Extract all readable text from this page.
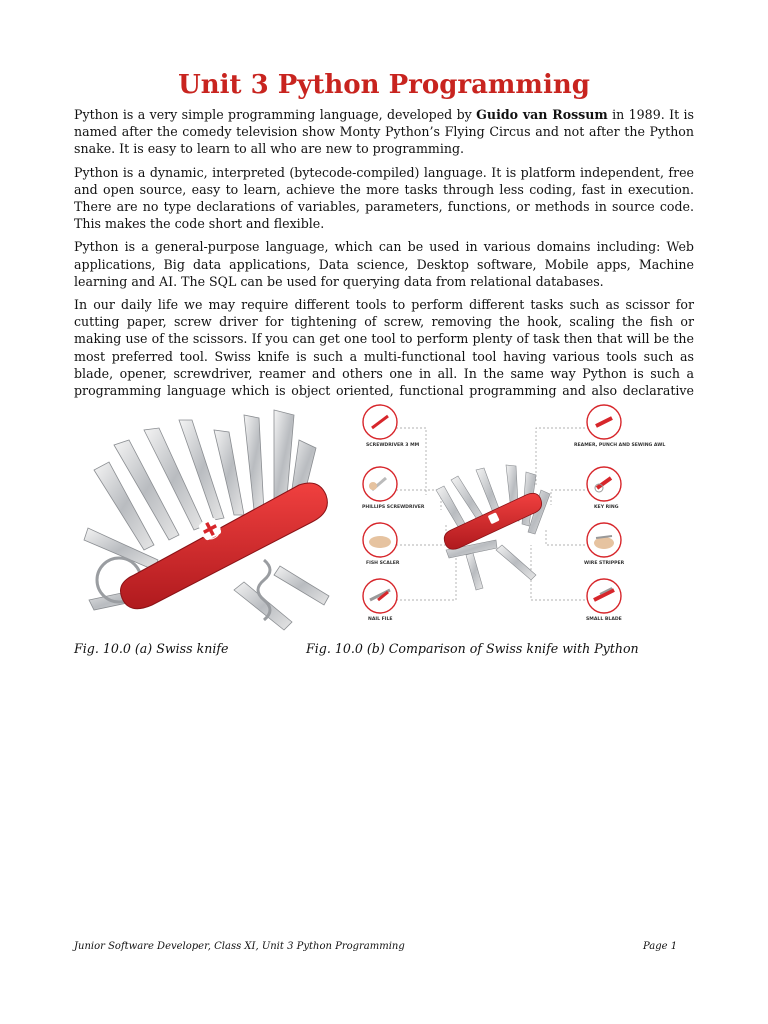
Unit 3 Python Programming

Python is a very simple programming language, developed by Guido van Rossum in 1989. It is named after the comedy television show Monty Python’s Flying Circus and not after the Python snake. It is easy to learn to all who are new to programming.

Python is a dynamic, interpreted (bytecode-compiled) language. It is platform independent, free and open source, easy to learn, achieve the more tasks through less coding, fast in execution. There are no type declarations of variables, parameters, functions, or methods in source code. This makes the code short and flexible.

Python is a general-purpose language, which can be used in various domains including: Web applications, Big data applications, Data science, Desktop software, Mobile apps, Machine learning and AI. The SQL can be used for querying data from relational databases.

In our daily life we may require different tools to perform different tasks such as scissor for cutting paper, screw driver for tightening of screw, removing the hook, scaling the fish or making use of the scissors. If you can get one tool to perform plenty of task then that will be the most preferred tool. Swiss knife is such a multi-functional tool having various tools such as blade, opener, screwdriver, reamer and others one in all. In the same way Python is such a programming language which is object oriented, functional programming and also declarative

SCREWDRIVER 3 MM
PHILLIPS SCREWDRIVER
FISH SCALER
NAIL FILE
REAMER, PUNCH AND SEWING AWL
KEY RING
WIRE STRIPPER
SMALL BLADE
Fig. 10.0 (a) Swiss knife	Fig. 10.0 (b) Comparison of Swiss knife with Python
Junior Software Developer, Class XI, Unit 3 Python Programming	Page 1
